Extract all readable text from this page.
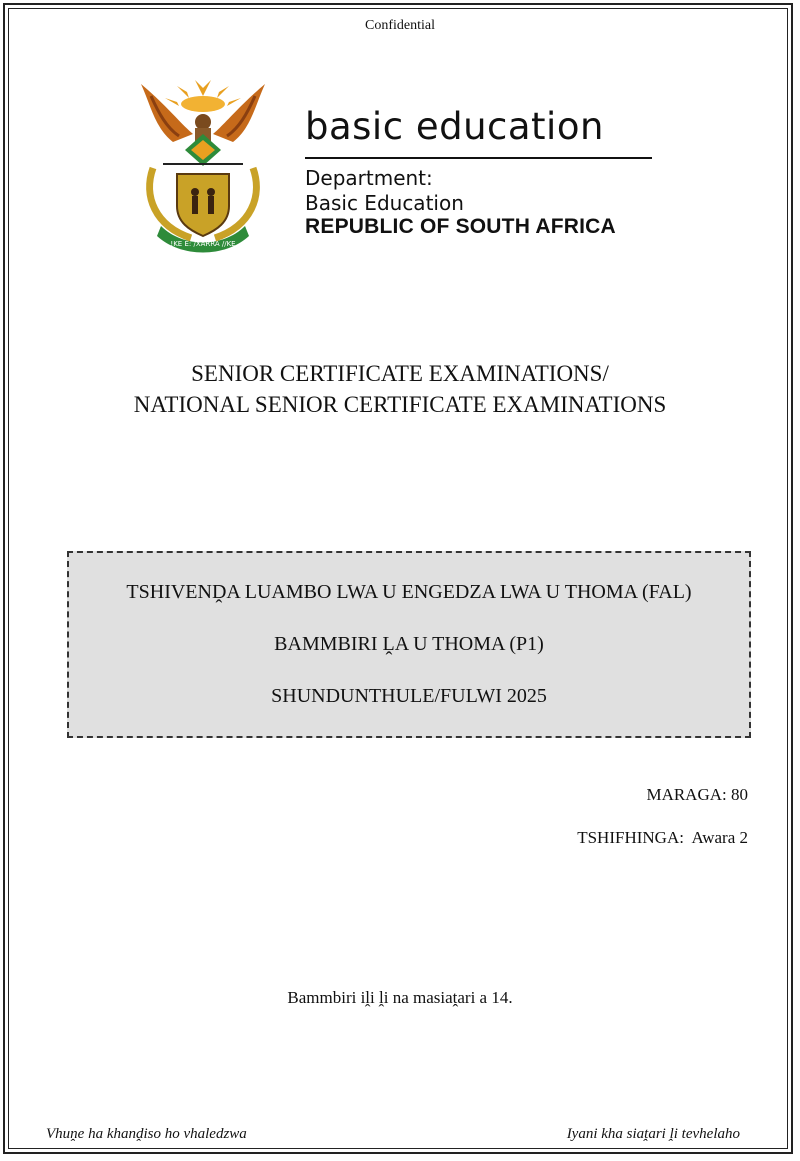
Confidential
!KE E: /XARRA //KE
basic education
Department:
Basic Education
REPUBLIC OF SOUTH AFRICA
SENIOR CERTIFICATE EXAMINATIONS/
NATIONAL SENIOR CERTIFICATE EXAMINATIONS
TSHIVENḒA LUAMBO LWA U ENGEDZA LWA U THOMA (FAL)
BAMMBIRI ḼA U THOMA (P1)
SHUNDUNTHULE/FULWI 2025
MARAGA: 80
TSHIFHINGA:  Awara 2
Bammbiri iḽi ḽi na masiaṱari a 14.
Vhuṋe ha khanḓiso ho vhaledzwa	Iyani kha siaṱari ḽi tevhelaho
